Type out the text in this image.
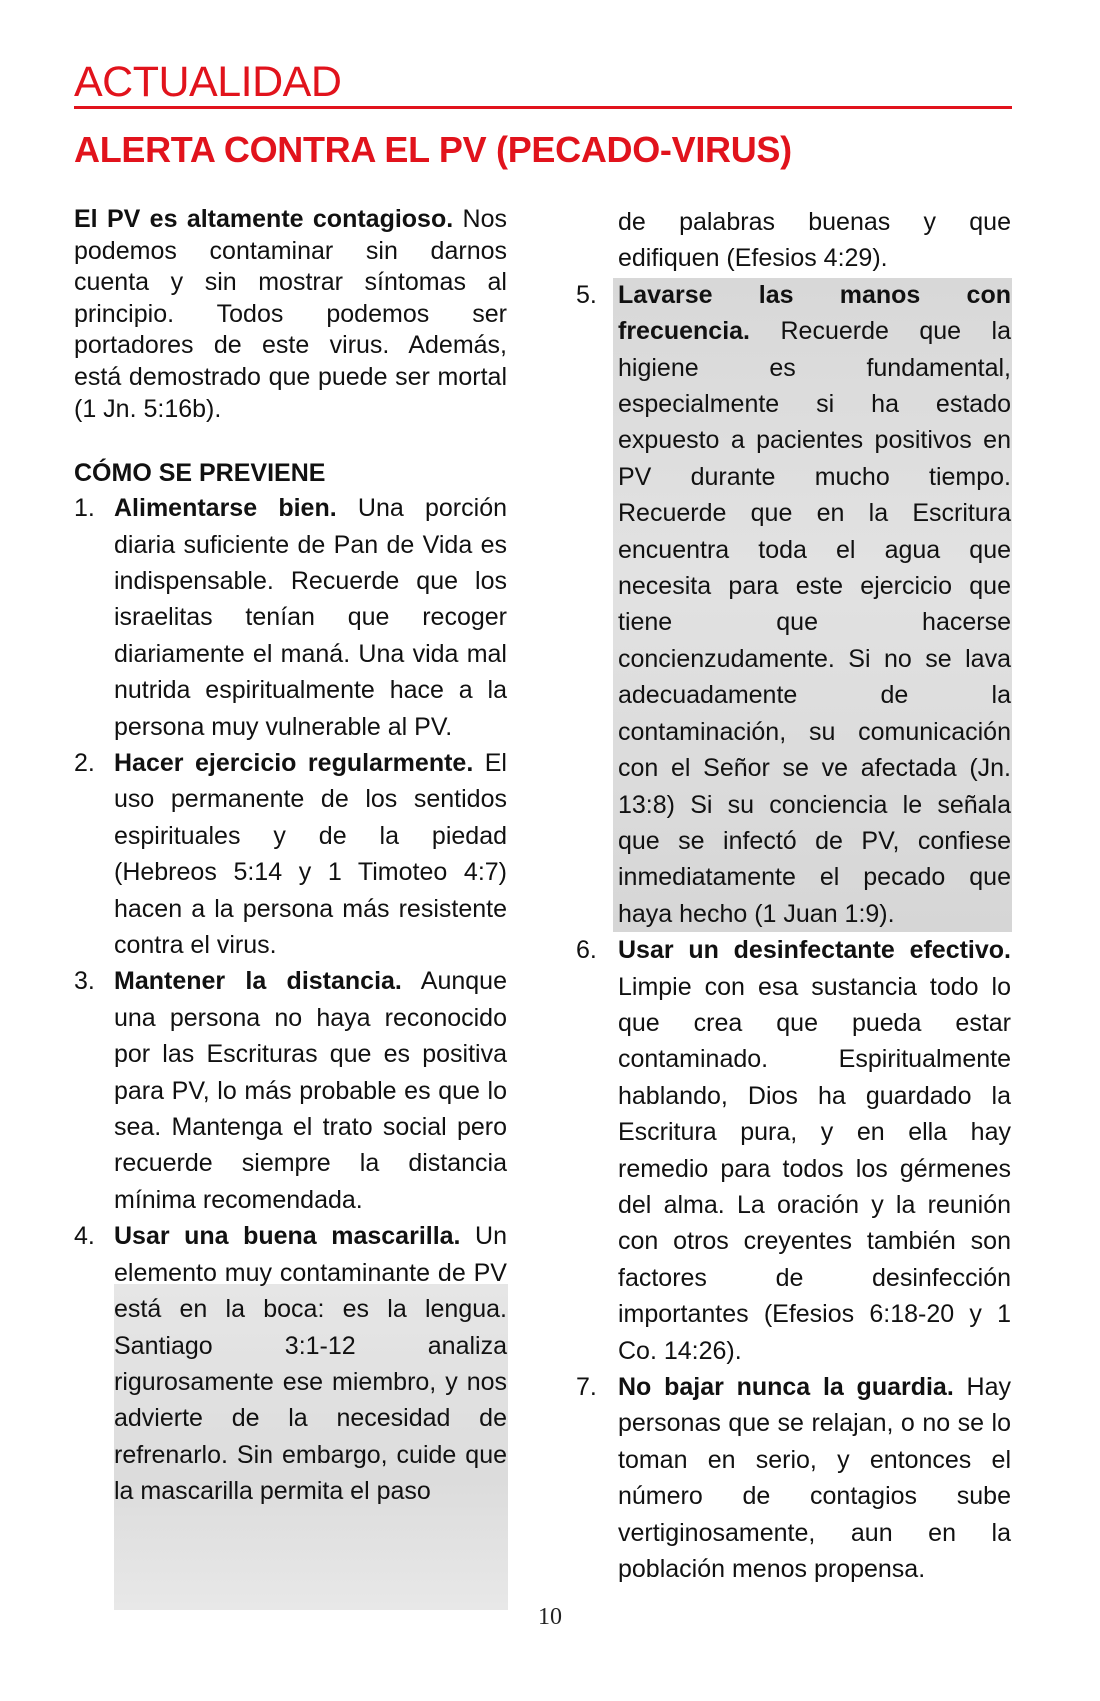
ACTUALIDAD
ALERTA CONTRA EL PV (PECADO-VIRUS)

El PV es altamente contagioso. Nos podemos contaminar sin darnos cuenta y sin mostrar síntomas al principio. Todos podemos ser portadores de este virus. Además, está demostrado que puede ser mortal (1 Jn. 5:16b).

CÓMO SE PREVIENE

1. Alimentarse bien. Una porción diaria suficiente de Pan de Vida es indispensable. Recuerde que los israelitas tenían que recoger diariamente el maná. Una vida mal nutrida espiritualmente hace a la persona muy vulnerable al PV.
2. Hacer ejercicio regularmente. El uso permanente de los sentidos espirituales y de la piedad (Hebreos 5:14 y 1 Timoteo 4:7) hacen a la persona más resistente contra el virus.
3. Mantener la distancia. Aunque una persona no haya reconocido por las Escrituras que es positiva para PV, lo más probable es que lo sea. Mantenga el trato social pero recuerde siempre la distancia mínima recomendada.
4. Usar una buena mascarilla. Un elemento muy contaminante de PV está en la boca: es la lengua. Santiago 3:1-12 analiza rigurosamente ese miembro, y nos advierte de la necesidad de refrenarlo. Sin embargo, cuide que la mascarilla permita el paso

de palabras buenas y que edifiquen (Efesios 4:29).

5. Lavarse las manos con frecuencia. Recuerde que la higiene es fundamental, especialmente si ha estado expuesto a pacientes positivos en PV durante mucho tiempo. Recuerde que en la Escritura encuentra toda el agua que necesita para este ejercicio que tiene que hacerse concienzudamente. Si no se lava adecuadamente de la contaminación, su comunicación con el Señor se ve afectada (Jn. 13:8) Si su conciencia le señala que se infectó de PV, confiese inmediatamente el pecado que haya hecho (1 Juan 1:9).
6. Usar un desinfectante efectivo. Limpie con esa sustancia todo lo que crea que pueda estar contaminado. Espiritualmente hablando, Dios ha guardado la Escritura pura, y en ella hay remedio para todos los gérmenes del alma. La oración y la reunión con otros creyentes también son factores de desinfección importantes (Efesios 6:18-20 y 1 Co. 14:26).
7. No bajar nunca la guardia. Hay personas que se relajan, o no se lo toman en serio, y entonces el número de contagios sube vertiginosamente, aun en la población menos propensa.
10
